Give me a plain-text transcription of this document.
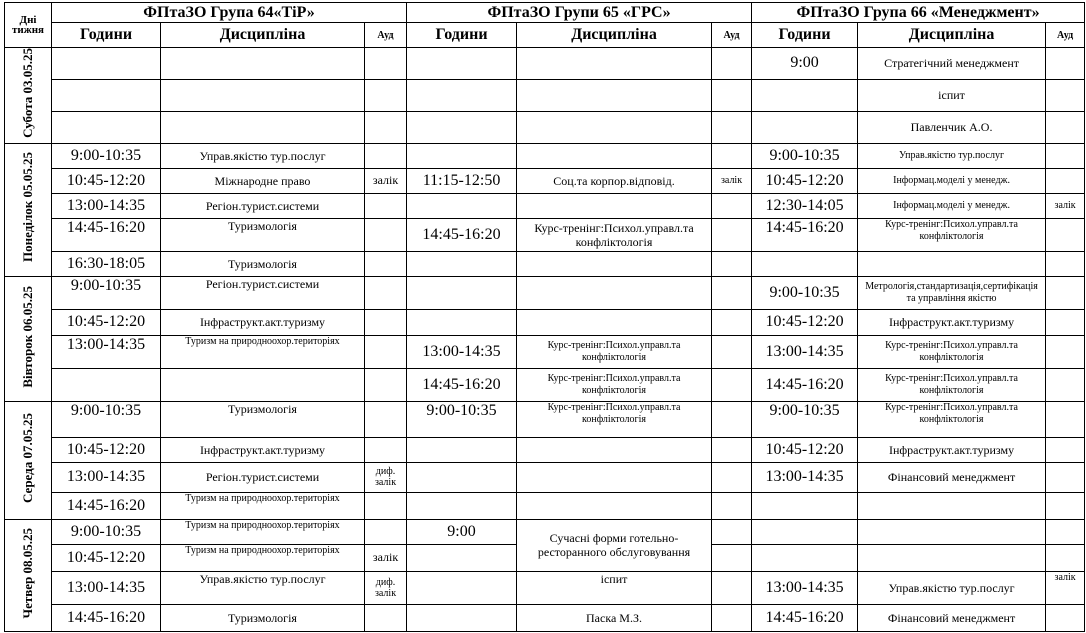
Дні тижня	ФПтаЗО Група 64«ТіР»			ФПтаЗО Групи 65 «ГРС»			ФПтаЗО Група 66 «Менеджмент»		
	Години	Дисципліна	Ауд	Години	Дисципліна	Ауд	Години	Дисципліна	Ауд
Субота 03.05.25							9:00	Стратегічний менеджмент	
								іспит	
								Павленчик А.О.	
Понеділок 05.05.25	9:00-10:35	Управ.якістю тур.послуг					9:00-10:35	Управ.якістю тур.послуг	
	10:45-12:20	Міжнародне право	залік	11:15-12:50	Соц.та корпор.відповід.	залік	10:45-12:20	Інформац.моделі у менедж.	
	13:00-14:35	Регіон.турист.системи					12:30-14:05	Інформац.моделі у менедж.	залік
	14:45-16:20	Туризмологія		14:45-16:20	Курс-тренінг:Психол.управл.та конфліктологія		14:45-16:20	Курс-тренінг:Психол.управл.та конфліктологія	
	16:30-18:05	Туризмологія							
Вівторок 06.05.25	9:00-10:35	Регіон.турист.системи					9:00-10:35	Метрологія,стандартизація,сертифікація та управління якістю	
	10:45-12:20	Інфраструкт.акт.туризму					10:45-12:20	Інфраструкт.акт.туризму	
	13:00-14:35	Туризм на природноохор.територіях		13:00-14:35	Курс-тренінг:Психол.управл.та конфліктологія		13:00-14:35	Курс-тренінг:Психол.управл.та конфліктологія	
				14:45-16:20	Курс-тренінг:Психол.управл.та конфліктологія		14:45-16:20	Курс-тренінг:Психол.управл.та конфліктологія	
Середа 07.05.25	9:00-10:35	Туризмологія		9:00-10:35	Курс-тренінг:Психол.управл.та конфліктологія		9:00-10:35	Курс-тренінг:Психол.управл.та конфліктологія	
	10:45-12:20	Інфраструкт.акт.туризму					10:45-12:20	Інфраструкт.акт.туризму	
	13:00-14:35	Регіон.турист.системи	диф. залік				13:00-14:35	Фінансовий менеджмент	
	14:45-16:20	Туризм на природноохор.територіях							
Четвер 08.05.25	9:00-10:35	Туризм на природноохор.територіях		9:00	Сучасні форми готельно-ресторанного обслуговування				
	10:45-12:20	Туризм на природноохор.територіях	залік						
	13:00-14:35	Управ.якістю тур.послуг	диф. залік		іспит		13:00-14:35	Управ.якістю тур.послуг	залік
	14:45-16:20	Туризмологія			Паска М.З.		14:45-16:20	Фінансовий менеджмент	
